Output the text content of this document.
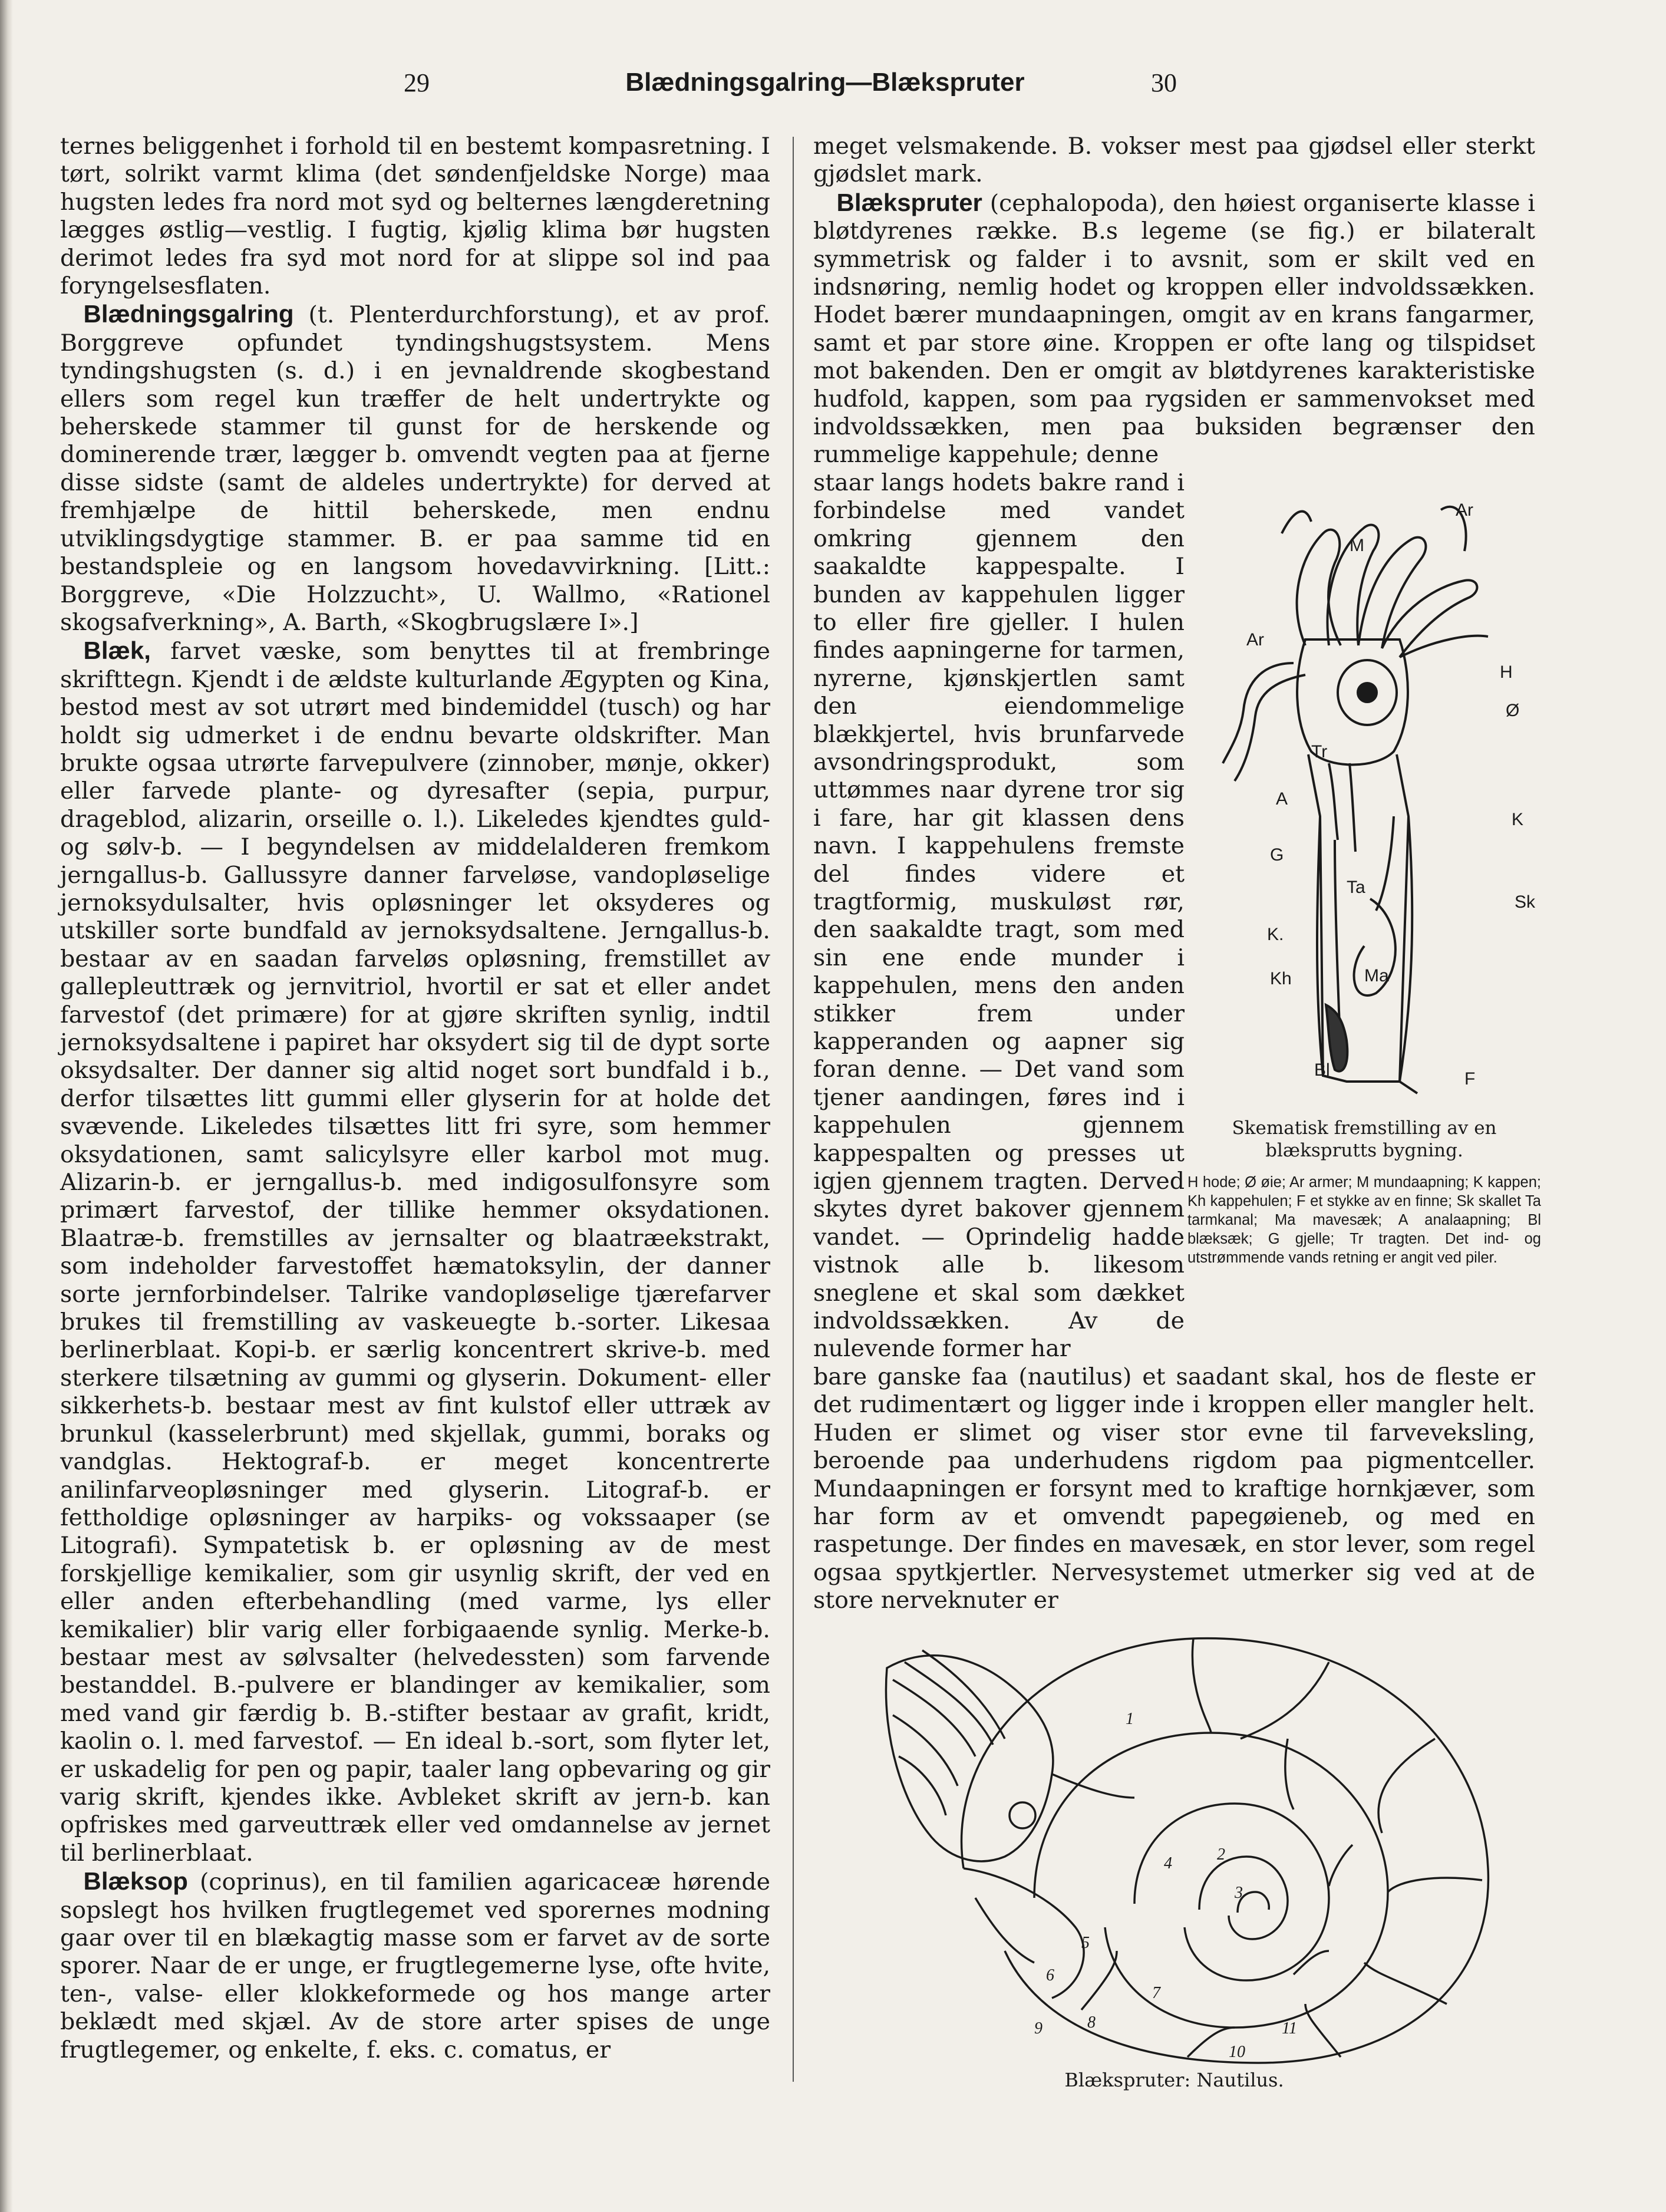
29	Blædningsgalring—Blækspruter	30

ternes beliggenhet i forhold til en bestemt kompasretning. I tørt, solrikt varmt klima (det søndenfjeldske Norge) maa hugsten ledes fra nord mot syd og belternes længderetning lægges østlig—vestlig. I fugtig, kjølig klima bør hugsten derimot ledes fra syd mot nord for at slippe sol ind paa foryngelsesflaten.

 Blædningsgalring (t. Plenterdurchforstung), et av prof. Borggreve opfundet tyndingshugstsystem. Mens tyndingshugsten (s. d.) i en jevnaldrende skogbestand ellers som regel kun træffer de helt undertrykte og beherskede stammer til gunst for de herskende og dominerende trær, lægger b. omvendt vegten paa at fjerne disse sidste (samt de aldeles undertrykte) for derved at fremhjælpe de hittil beherskede, men endnu utviklingsdygtige stammer. B. er paa samme tid en bestandspleie og en langsom hovedavvirkning. [Litt.: Borggreve, «Die Holzzucht», U. Wallmo, «Rationel skogsafverkning», A. Barth, «Skogbrugslære I».]

 Blæk, farvet væske, som benyttes til at frembringe skrifttegn. Kjendt i de ældste kulturlande Ægypten og Kina, bestod mest av sot utrørt med bindemiddel (tusch) og har holdt sig udmerket i de endnu bevarte oldskrifter. Man brukte ogsaa utrørte farvepulvere (zinnober, mønje, okker) eller farvede plante- og dyresafter (sepia, purpur, drageblod, alizarin, orseille o. l.). Likeledes kjendtes guld- og sølv-b. — I begyndelsen av middelalderen fremkom jerngallus-b. Gallussyre danner farveløse, vandopløselige jernoksydulsalter, hvis opløsninger let oksyderes og utskiller sorte bundfald av jernoksydsaltene. Jerngallus-b. bestaar av en saadan farveløs opløsning, fremstillet av gallepleuttræk og jernvitriol, hvortil er sat et eller andet farvestof (det primære) for at gjøre skriften synlig, indtil jernoksydsaltene i papiret har oksydert sig til de dypt sorte oksydsalter. Der danner sig altid noget sort bundfald i b., derfor tilsættes litt gummi eller glyserin for at holde det svævende. Likeledes tilsættes litt fri syre, som hemmer oksydationen, samt salicylsyre eller karbol mot mug. Alizarin-b. er jerngallus-b. med indigosulfonsyre som primært farvestof, der tillike hemmer oksydationen. Blaatræ-b. fremstilles av jernsalter og blaatræekstrakt, som indeholder farvestoffet hæmatoksylin, der danner sorte jernforbindelser. Talrike vandopløselige tjærefarver brukes til fremstilling av vaskeuegte b.-sorter. Likesaa berlinerblaat. Kopi-b. er særlig koncentrert skrive-b. med sterkere tilsætning av gummi og glyserin. Dokument- eller sikkerhets-b. bestaar mest av fint kulstof eller uttræk av brunkul (kasselerbrunt) med skjellak, gummi, boraks og vandglas. Hektograf-b. er meget koncentrerte anilinfarveopløsninger med glyserin. Litograf-b. er fettholdige opløsninger av harpiks- og vokssaaper (se Litografi). Sympatetisk b. er opløsning av de mest forskjellige kemikalier, som gir usynlig skrift, der ved en eller anden efterbehandling (med varme, lys eller kemikalier) blir varig eller forbigaaende synlig. Merke-b. bestaar mest av sølvsalter (helvedessten) som farvende bestanddel. B.-pulvere er blandinger av kemikalier, som med vand gir færdig b. B.-stifter bestaar av grafit, kridt, kaolin o. l. med farvestof. — En ideal b.-sort, som flyter let, er uskadelig for pen og papir, taaler lang opbevaring og gir varig skrift, kjendes ikke. Avbleket skrift av jern-b. kan opfriskes med garveuttræk eller ved omdannelse av jernet til berlinerblaat.

 Blæksop (coprinus), en til familien agaricaceæ hørende sopslegt hos hvilken frugtlegemet ved sporernes modning gaar over til en blækagtig masse som er farvet av de sorte sporer. Naar de er unge, er frugtlegemerne lyse, ofte hvite, ten-, valse- eller klokkeformede og hos mange arter beklædt med skjæl. Av de store arter spises de unge frugtlegemer, og enkelte, f. eks. c. comatus, er

meget velsmakende. B. vokser mest paa gjødsel eller sterkt gjødslet mark.

 Blækspruter (cephalopoda), den høiest organiserte klasse i bløtdyrenes række. B.s legeme (se fig.) er bilateralt symmetrisk og falder i to avsnit, som er skilt ved en indsnøring, nemlig hodet og kroppen eller indvoldssækken. Hodet bærer mundaapningen, omgit av en krans fangarmer, samt et par store øine. Kroppen er ofte lang og tilspidset mot bakenden. Den er omgit av bløtdyrenes karakteristiske hudfold, kappen, som paa rygsiden er sammenvokset med indvoldssækken, men paa buksiden begrænser den rummelige kappehule; denne

staar langs hodets bakre rand i forbindelse med vandet omkring gjennem den saakaldte kappespalte. I bunden av kappehulen ligger to eller fire gjeller. I hulen findes aapningerne for tarmen, nyrerne, kjønskjertlen samt den eiendommelige blækkjertel, hvis brunfarvede avsondringsprodukt, som uttømmes naar dyrene tror sig i fare, har git klassen dens navn. I kappehulens fremste del findes videre et tragtformig, muskuløst rør, den saakaldte tragt, som med sin ene ende munder i kappehulen, mens den anden stikker frem under kapperanden og aapner sig foran denne. — Det vand som tjener aandingen, føres ind i kappehulen gjennem kappespalten og presses ut igjen gjennem tragten. Derved skytes dyret bakover gjennem vandet. — Oprindelig hadde vistnok alle b. likesom sneglene et skal som dækket indvoldssækken. Av de nulevende former har

bare ganske faa (nautilus) et saadant skal, hos de fleste er det rudimentært og ligger inde i kroppen eller mangler helt. Huden er slimet og viser stor evne til farveveksling, beroende paa underhudens rigdom paa pigmentceller. Mundaapningen er forsynt med to kraftige hornkjæver, som har form av et omvendt papegøieneb, og med en raspetunge. Der findes en mavesæk, en stor lever, som regel ogsaa spytkjertler. Nervesystemet utmerker sig ved at de store nerveknuter er

Ar
M
Ar
H
Ø
Tr
A
G
K
Ta
Sk
K.
Kh	Ma
Bl	F
Skematisk fremstilling av en blæksprutts bygning.
H hode; Ø øie; Ar armer; M mundaapning; K kappen; Kh kappehulen; F et stykke av en finne; Sk skallet Ta tarmkanal; Ma mavesæk; A analaapning; Bl blæksæk; G gjelle; Tr tragten. Det ind- og utstrømmende vands retning er angit ved piler.
1
2
3
4
5
6
7
8
9
10
11
Blækspruter: Nautilus.
